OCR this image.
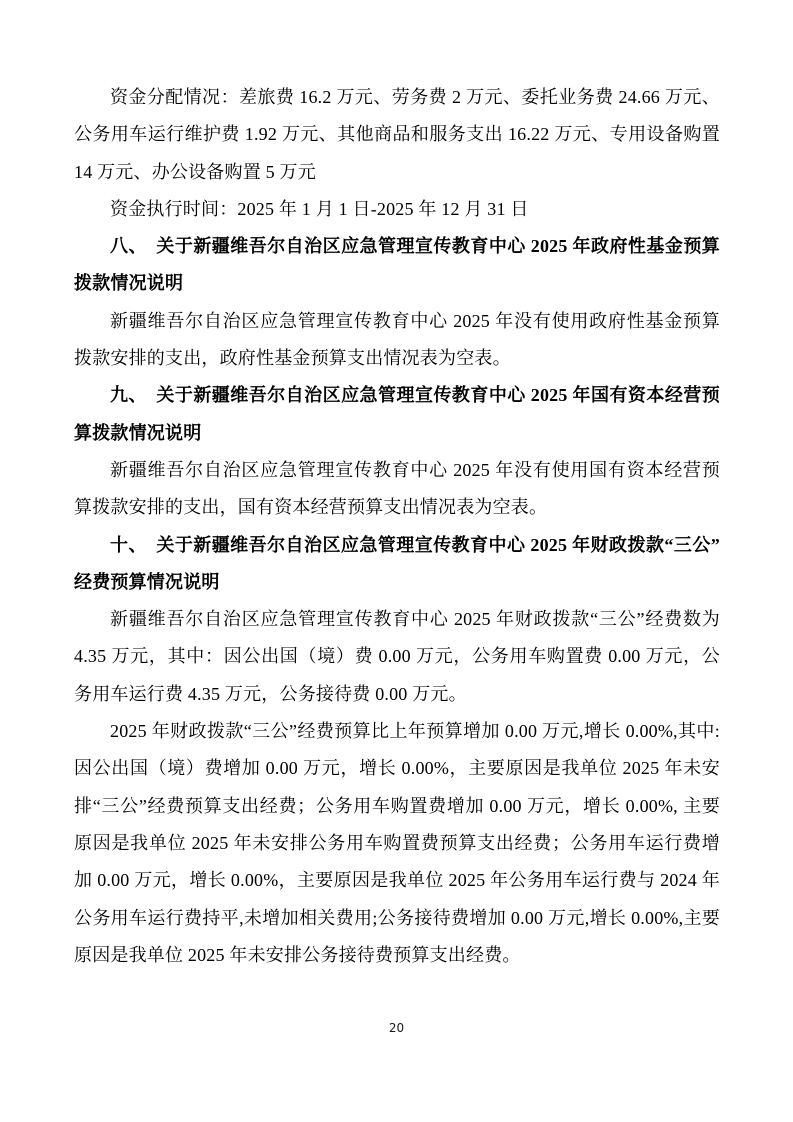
资金分配情况：差旅费 16.2 万元、劳务费 2 万元、委托业务费 24.66 万元、公务用车运行维护费 1.92 万元、其他商品和服务支出 16.22 万元、专用设备购置 14 万元、办公设备购置 5 万元

资金执行时间：2025 年 1 月 1 日-2025 年 12 月 31 日

八、　关于新疆维吾尔自治区应急管理宣传教育中心 2025 年政府性基金预算拨款情况说明

新疆维吾尔自治区应急管理宣传教育中心 2025 年没有使用政府性基金预算拨款安排的支出，政府性基金预算支出情况表为空表。

九、　关于新疆维吾尔自治区应急管理宣传教育中心 2025 年国有资本经营预算拨款情况说明

新疆维吾尔自治区应急管理宣传教育中心 2025 年没有使用国有资本经营预算拨款安排的支出，国有资本经营预算支出情况表为空表。

十、　关于新疆维吾尔自治区应急管理宣传教育中心 2025 年财政拨款“三公”经费预算情况说明

新疆维吾尔自治区应急管理宣传教育中心 2025 年财政拨款“三公”经费数为 4.35 万元，其中：因公出国（境）费 0.00 万元，公务用车购置费 0.00 万元，公务用车运行费 4.35 万元，公务接待费 0.00 万元。

2025 年财政拨款“三公”经费预算比上年预算增加 0.00 万元,增长 0.00%,其中: 因公出国（境）费增加 0.00 万元，增长 0.00%，主要原因是我单位 2025 年未安排“三公”经费预算支出经费；公务用车购置费增加 0.00 万元，增长 0.00%, 主要原因是我单位 2025 年未安排公务用车购置费预算支出经费；公务用车运行费增加 0.00 万元，增长 0.00%，主要原因是我单位 2025 年公务用车运行费与 2024 年公务用车运行费持平,未增加相关费用;公务接待费增加 0.00 万元,增长 0.00%,主要原因是我单位 2025 年未安排公务接待费预算支出经费。

20
